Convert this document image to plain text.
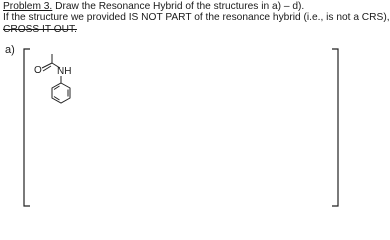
Problem 3. Draw the Resonance Hybrid of the structures in a) – d).
If the structure we provided IS NOT PART of the resonance hybrid (i.e., is not a CRS),
CROSS IT OUT.
a)
O NH
